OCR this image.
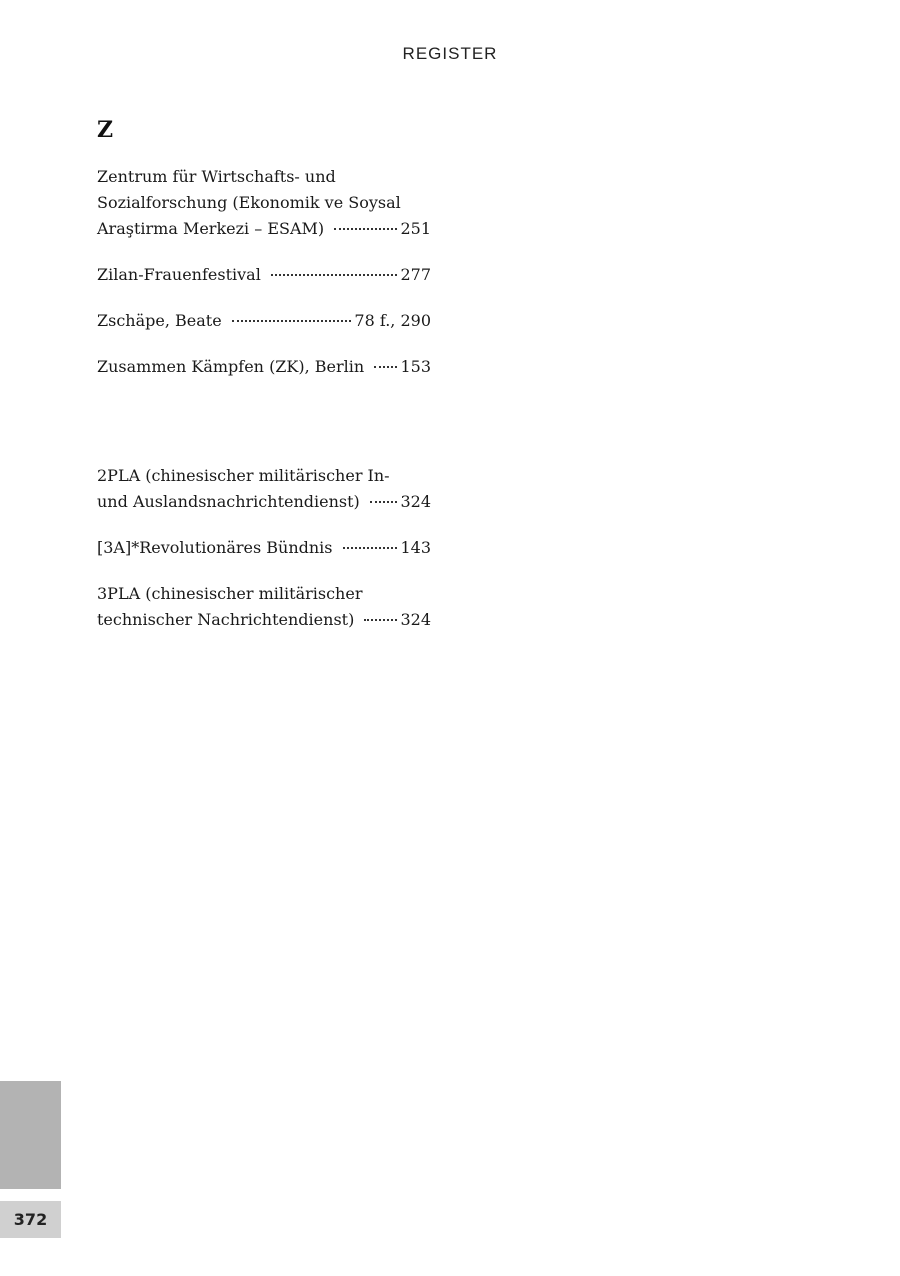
REGISTER
Z
Zentrum für Wirtschafts- und
Sozialforschung (Ekonomik ve Soysal
Araştirma Merkezi – ESAM)	251
Zilan-Frauenfestival	277
Zschäpe, Beate	78 f., 290
Zusammen Kämpfen (ZK), Berlin 153
2PLA (chinesischer militärischer In-
und Auslandsnachrichtendienst)	324
[3A]*Revolutionäres Bündnis	143
3PLA (chinesischer militärischer
technischer Nachrichtendienst)	324
372
